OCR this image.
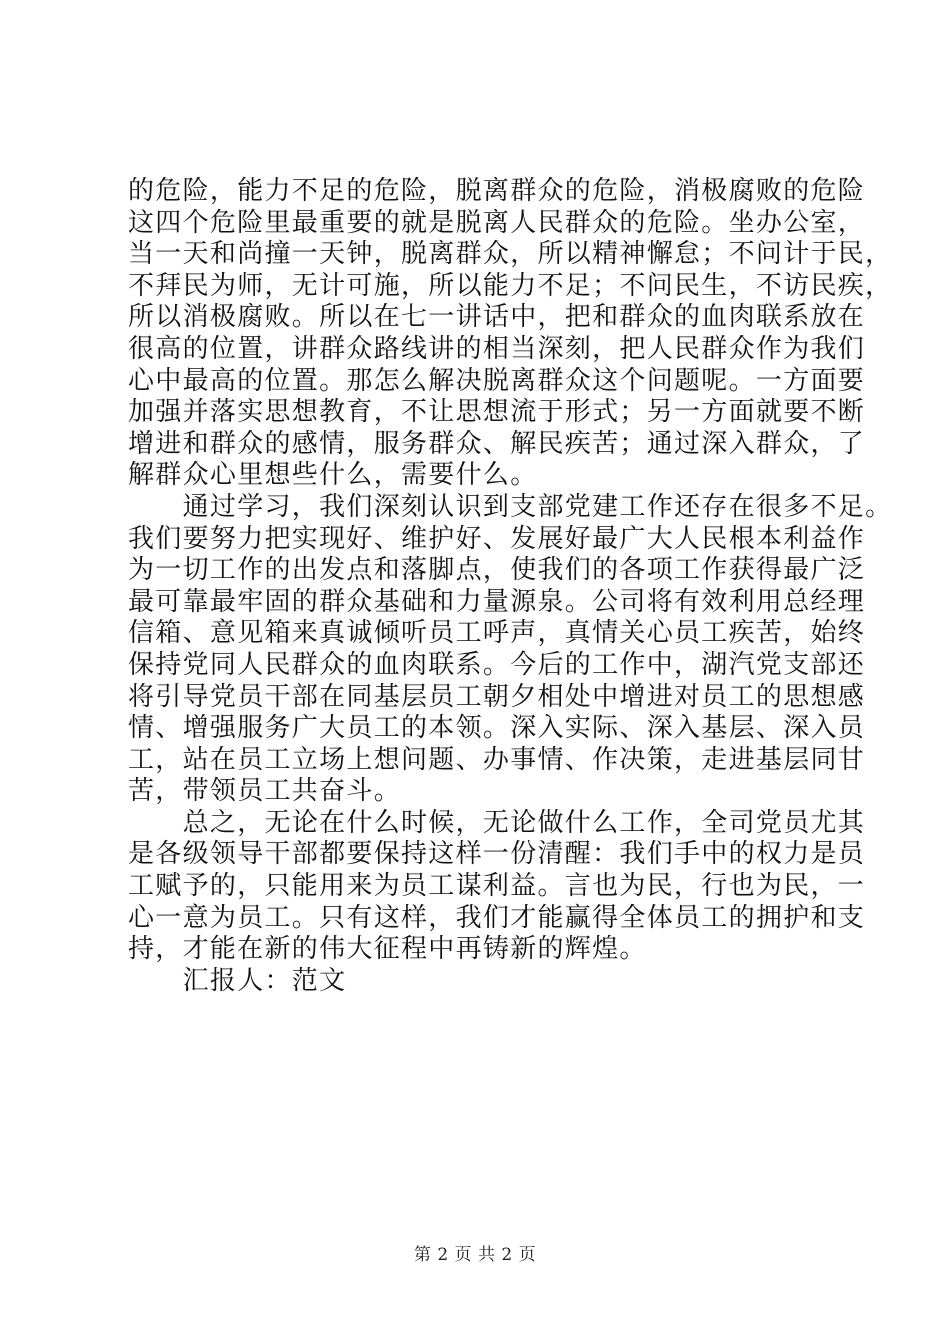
的危险，能力不足的危险，脱离群众的危险，消极腐败的危险
这四个危险里最重要的就是脱离人民群众的危险。坐办公室，
当一天和尚撞一天钟，脱离群众，所以精神懈怠；不问计于民，
不拜民为师，无计可施，所以能力不足；不问民生，不访民疾，
所以消极腐败。所以在七一讲话中，把和群众的血肉联系放在
很高的位置，讲群众路线讲的相当深刻，把人民群众作为我们
心中最高的位置。那怎么解决脱离群众这个问题呢。一方面要
加强并落实思想教育，不让思想流于形式；另一方面就要不断
增进和群众的感情，服务群众、解民疾苦；通过深入群众，了
解群众心里想些什么，需要什么。
　　通过学习，我们深刻认识到支部党建工作还存在很多不足。
我们要努力把实现好、维护好、发展好最广大人民根本利益作
为一切工作的出发点和落脚点，使我们的各项工作获得最广泛
最可靠最牢固的群众基础和力量源泉。公司将有效利用总经理
信箱、意见箱来真诚倾听员工呼声，真情关心员工疾苦，始终
保持党同人民群众的血肉联系。今后的工作中，湖汽党支部还
将引导党员干部在同基层员工朝夕相处中增进对员工的思想感
情、增强服务广大员工的本领。深入实际、深入基层、深入员
工，站在员工立场上想问题、办事情、作决策，走进基层同甘
苦，带领员工共奋斗。
　　总之，无论在什么时候，无论做什么工作，全司党员尤其
是各级领导干部都要保持这样一份清醒：我们手中的权力是员
工赋予的，只能用来为员工谋利益。言也为民，行也为民，一
心一意为员工。只有这样，我们才能赢得全体员工的拥护和支
持，才能在新的伟大征程中再铸新的辉煌。
　　汇报人：范文
第 2 页 共 2 页
